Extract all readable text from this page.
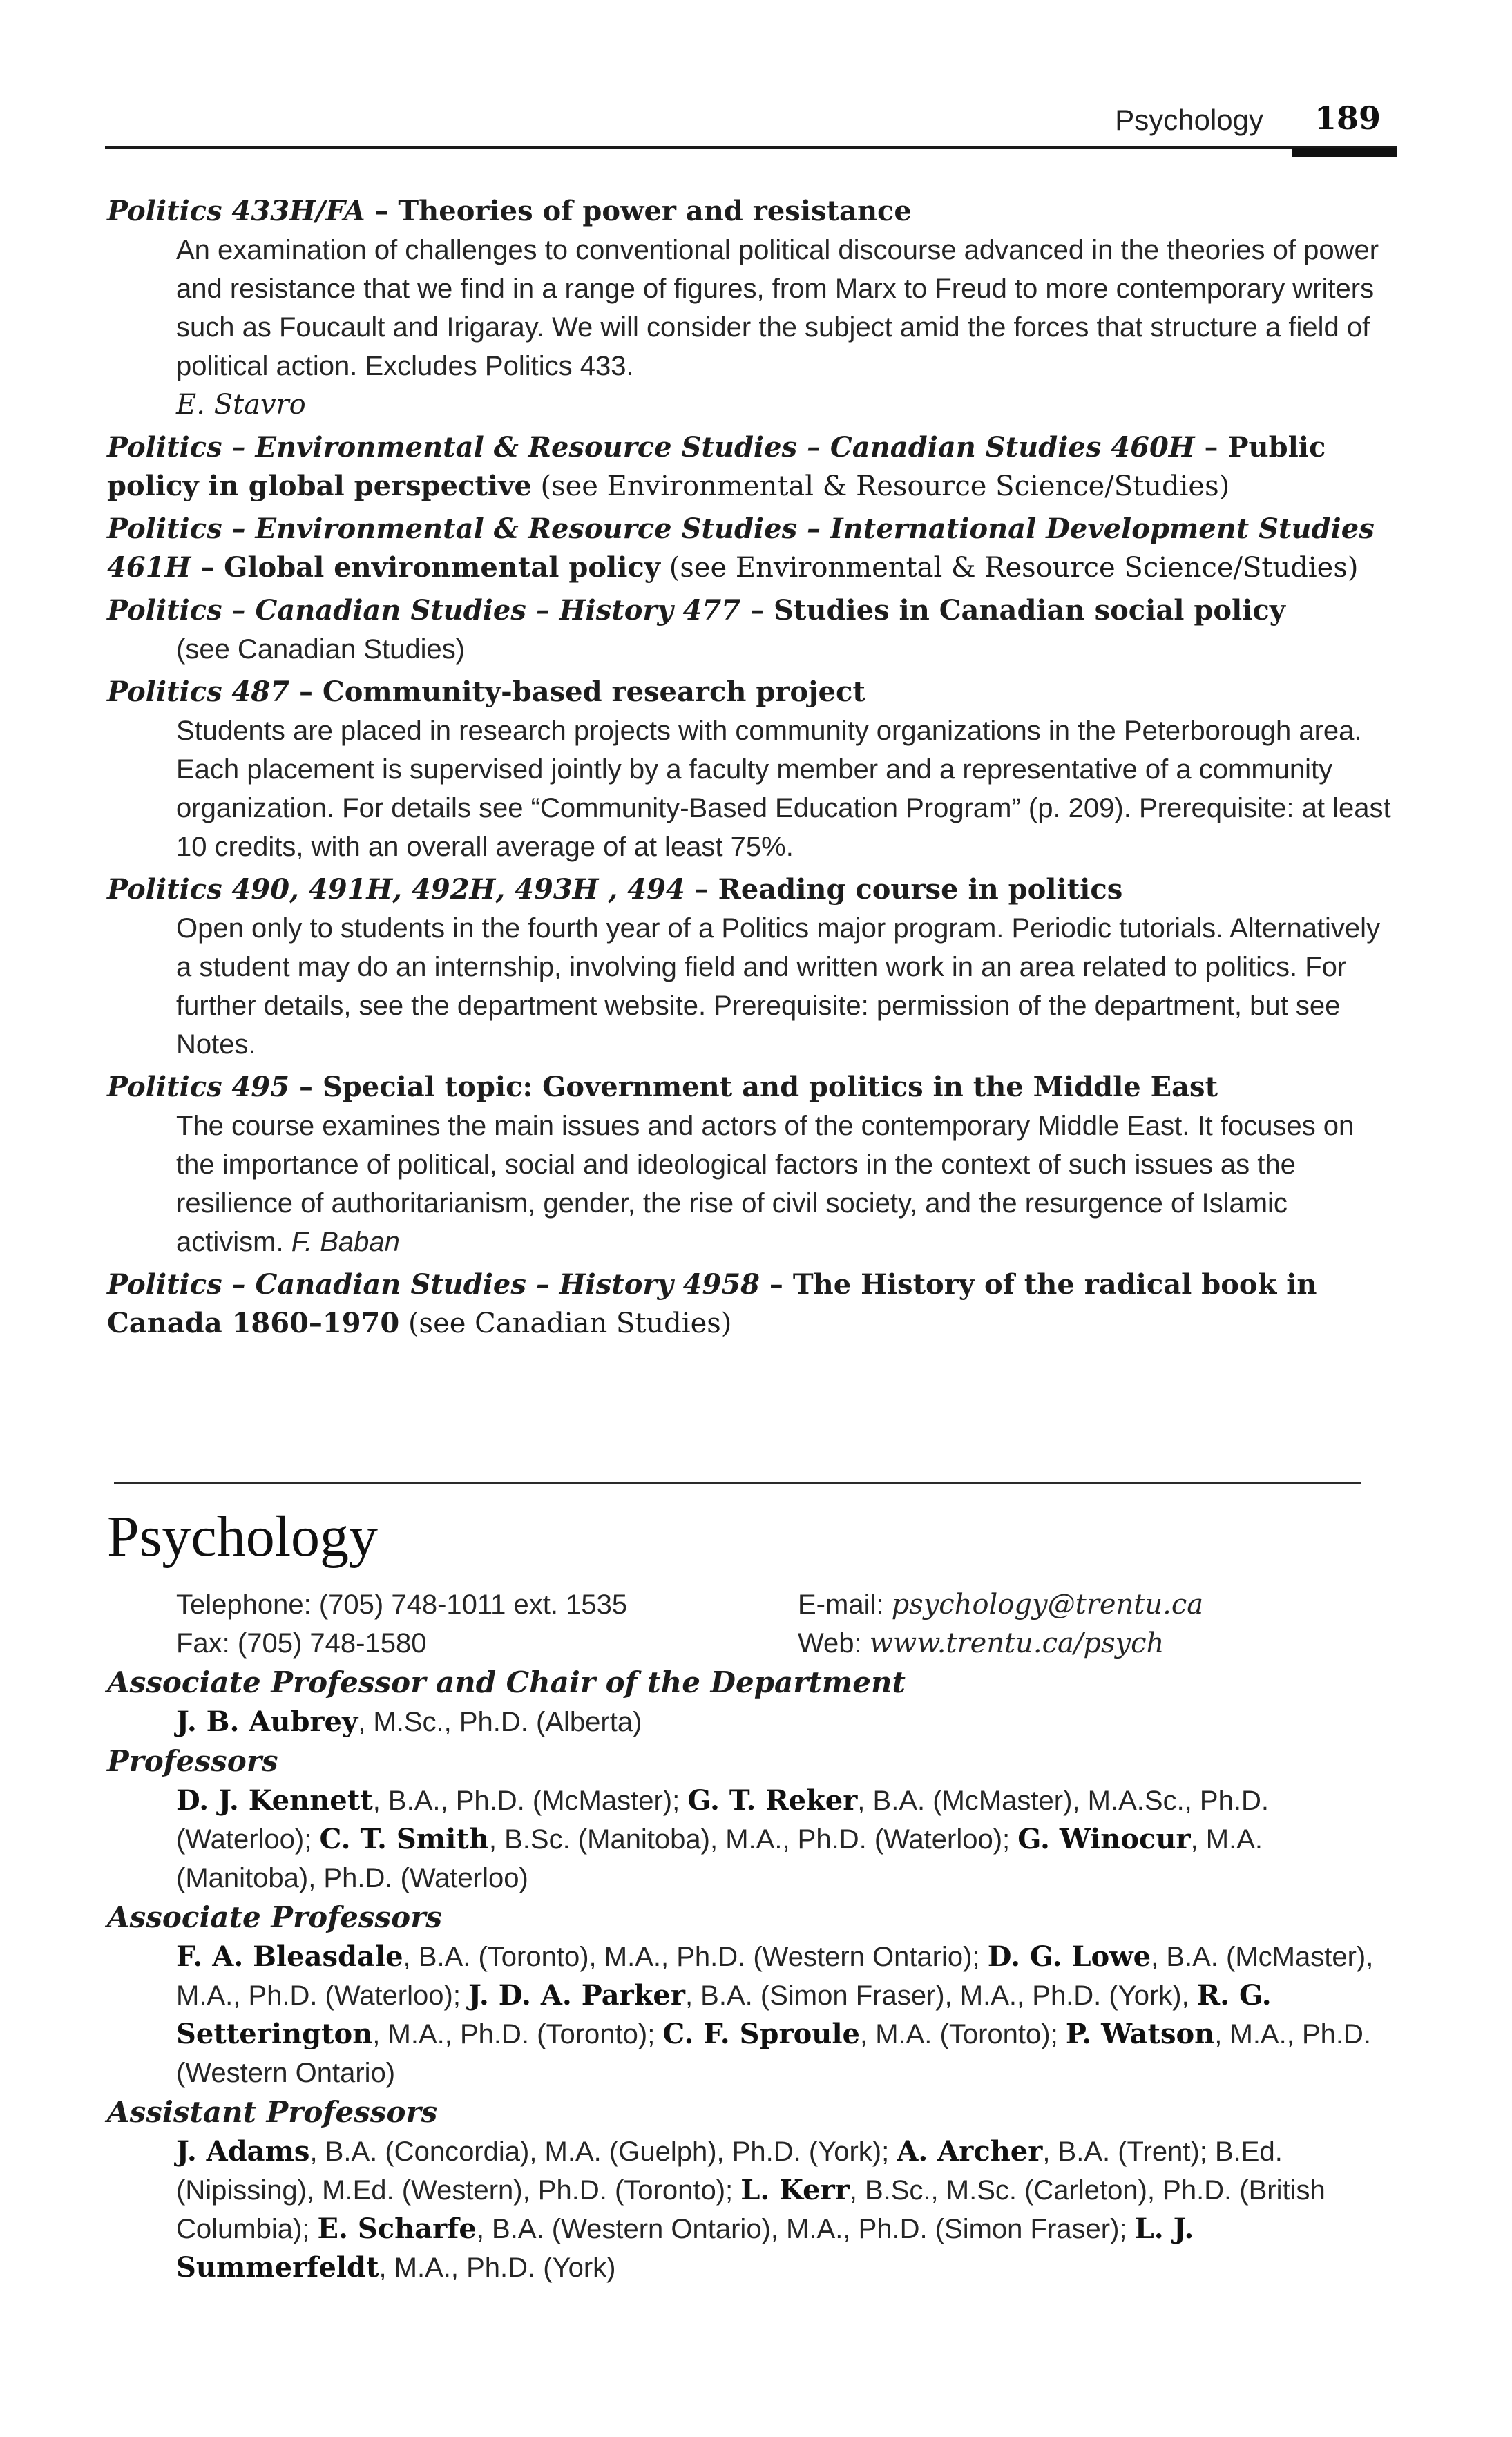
Psychology 189
Politics 433H/FA – Theories of power and resistance
An examination of challenges to conventional political discourse advanced in the theories of power and resistance that we find in a range of figures, from Marx to Freud to more contemporary writers such as Foucault and Irigaray. We will consider the subject amid the forces that structure a field of political action. Excludes Politics 433.
E. Stavro
Politics – Environmental & Resource Studies – Canadian Studies 460H – Public policy in global perspective (see Environmental & Resource Science/Studies)
Politics – Environmental & Resource Studies – International Development Studies 461H – Global environmental policy (see Environmental & Resource Science/Studies)
Politics – Canadian Studies – History 477 – Studies in Canadian social policy
(see Canadian Studies)
Politics 487 – Community-based research project
Students are placed in research projects with community organizations in the Peterborough area. Each placement is supervised jointly by a faculty member and a representative of a community organization. For details see “Community-Based Education Program” (p. 209). Prerequisite: at least 10 credits, with an overall average of at least 75%.
Politics 490, 491H, 492H, 493H , 494 – Reading course in politics
Open only to students in the fourth year of a Politics major program. Periodic tutorials. Alternatively a student may do an internship, involving field and written work in an area related to politics. For further details, see the department website. Prerequisite: permission of the department, but see Notes.
Politics 495 – Special topic: Government and politics in the Middle East
The course examines the main issues and actors of the contemporary Middle East. It focuses on the importance of political, social and ideological factors in the context of such issues as the resilience of authoritarianism, gender, the rise of civil society, and the resurgence of Islamic activism. F. Baban
Politics – Canadian Studies – History 4958 – The History of the radical book in Canada 1860–1970 (see Canadian Studies)
Psychology
Telephone: (705) 748-1011 ext. 1535
Fax: (705) 748-1580
E-mail: psychology@trentu.ca
Web: www.trentu.ca/psych
Associate Professor and Chair of the Department
J. B. Aubrey, M.Sc., Ph.D. (Alberta)
Professors
D. J. Kennett, B.A., Ph.D. (McMaster); G. T. Reker, B.A. (McMaster), M.A.Sc., Ph.D. (Waterloo); C. T. Smith, B.Sc. (Manitoba), M.A., Ph.D. (Waterloo); G. Winocur, M.A. (Manitoba), Ph.D. (Waterloo)
Associate Professors
F. A. Bleasdale, B.A. (Toronto), M.A., Ph.D. (Western Ontario); D. G. Lowe, B.A. (McMaster), M.A., Ph.D. (Waterloo); J. D. A. Parker, B.A. (Simon Fraser), M.A., Ph.D. (York), R. G. Setterington, M.A., Ph.D. (Toronto); C. F. Sproule, M.A. (Toronto); P. Watson, M.A., Ph.D. (Western Ontario)
Assistant Professors
J. Adams, B.A. (Concordia), M.A. (Guelph), Ph.D. (York); A. Archer, B.A. (Trent); B.Ed. (Nipissing), M.Ed. (Western), Ph.D. (Toronto); L. Kerr, B.Sc., M.Sc. (Carleton), Ph.D. (British Columbia); E. Scharfe, B.A. (Western Ontario), M.A., Ph.D. (Simon Fraser); L. J. Summerfeldt, M.A., Ph.D. (York)
